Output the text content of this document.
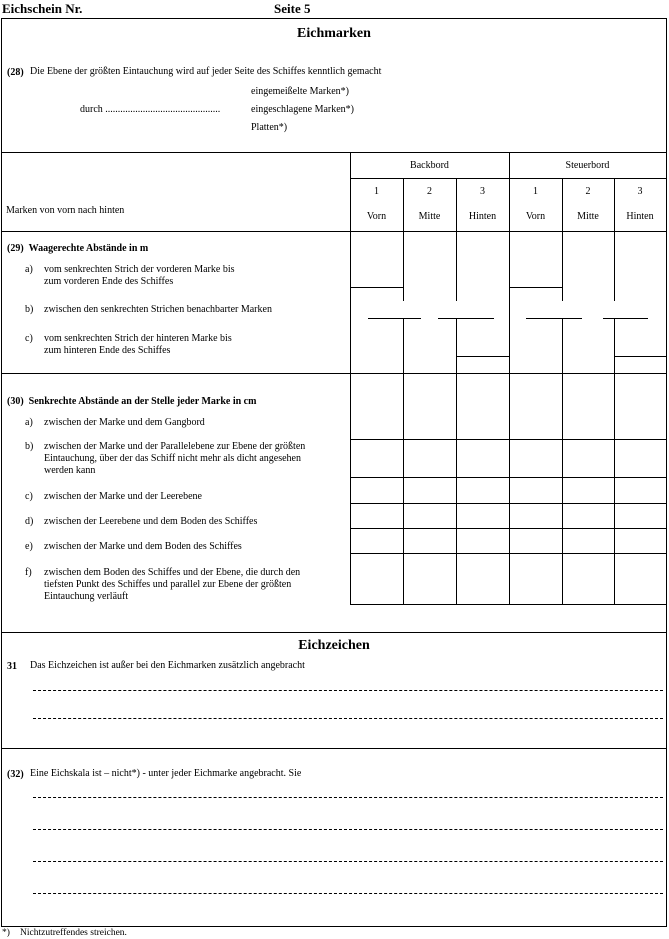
Eichschein Nr.	Seite 5
Eichmarken
(28) Die Ebene der größten Eintauchung wird auf jeder Seite des Schiffes kenntlich gemacht
eingemeißelte Marken*)
durch ..............................................	eingeschlagene Marken*)
Platten*)
Backbord	Steuerbord
1	2	3	1	2	3
Vorn	Mitte	Hinten	Vorn	Mitte	Hinten
Marken von vorn nach hinten
(29) Waagerechte Abstände in m
a) vom senkrechten Strich der vorderen Marke bis
zum vorderen Ende des Schiffes
b) zwischen den senkrechten Strichen benachbarter Marken
c) vom senkrechten Strich der hinteren Marke bis
zum hinteren Ende des Schiffes
(30) Senkrechte Abstände an der Stelle jeder Marke in cm
a) zwischen der Marke und dem Gangbord
b) zwischen der Marke und der Parallelebene zur Ebene der größten
Eintauchung, über der das Schiff nicht mehr als dicht angesehen
werden kann
c) zwischen der Marke und der Leerebene
d) zwischen der Leerebene und dem Boden des Schiffes
e) zwischen der Marke und dem Boden des Schiffes
f) zwischen dem Boden des Schiffes und der Ebene, die durch den
tiefsten Punkt des Schiffes und parallel zur Ebene der größten
Eintauchung verläuft
Eichzeichen
31 Das Eichzeichen ist außer bei den Eichmarken zusätzlich angebracht
(32) Eine Eichskala ist – nicht*) - unter jeder Eichmarke angebracht. Sie
*) Nichtzutreffendes streichen.
